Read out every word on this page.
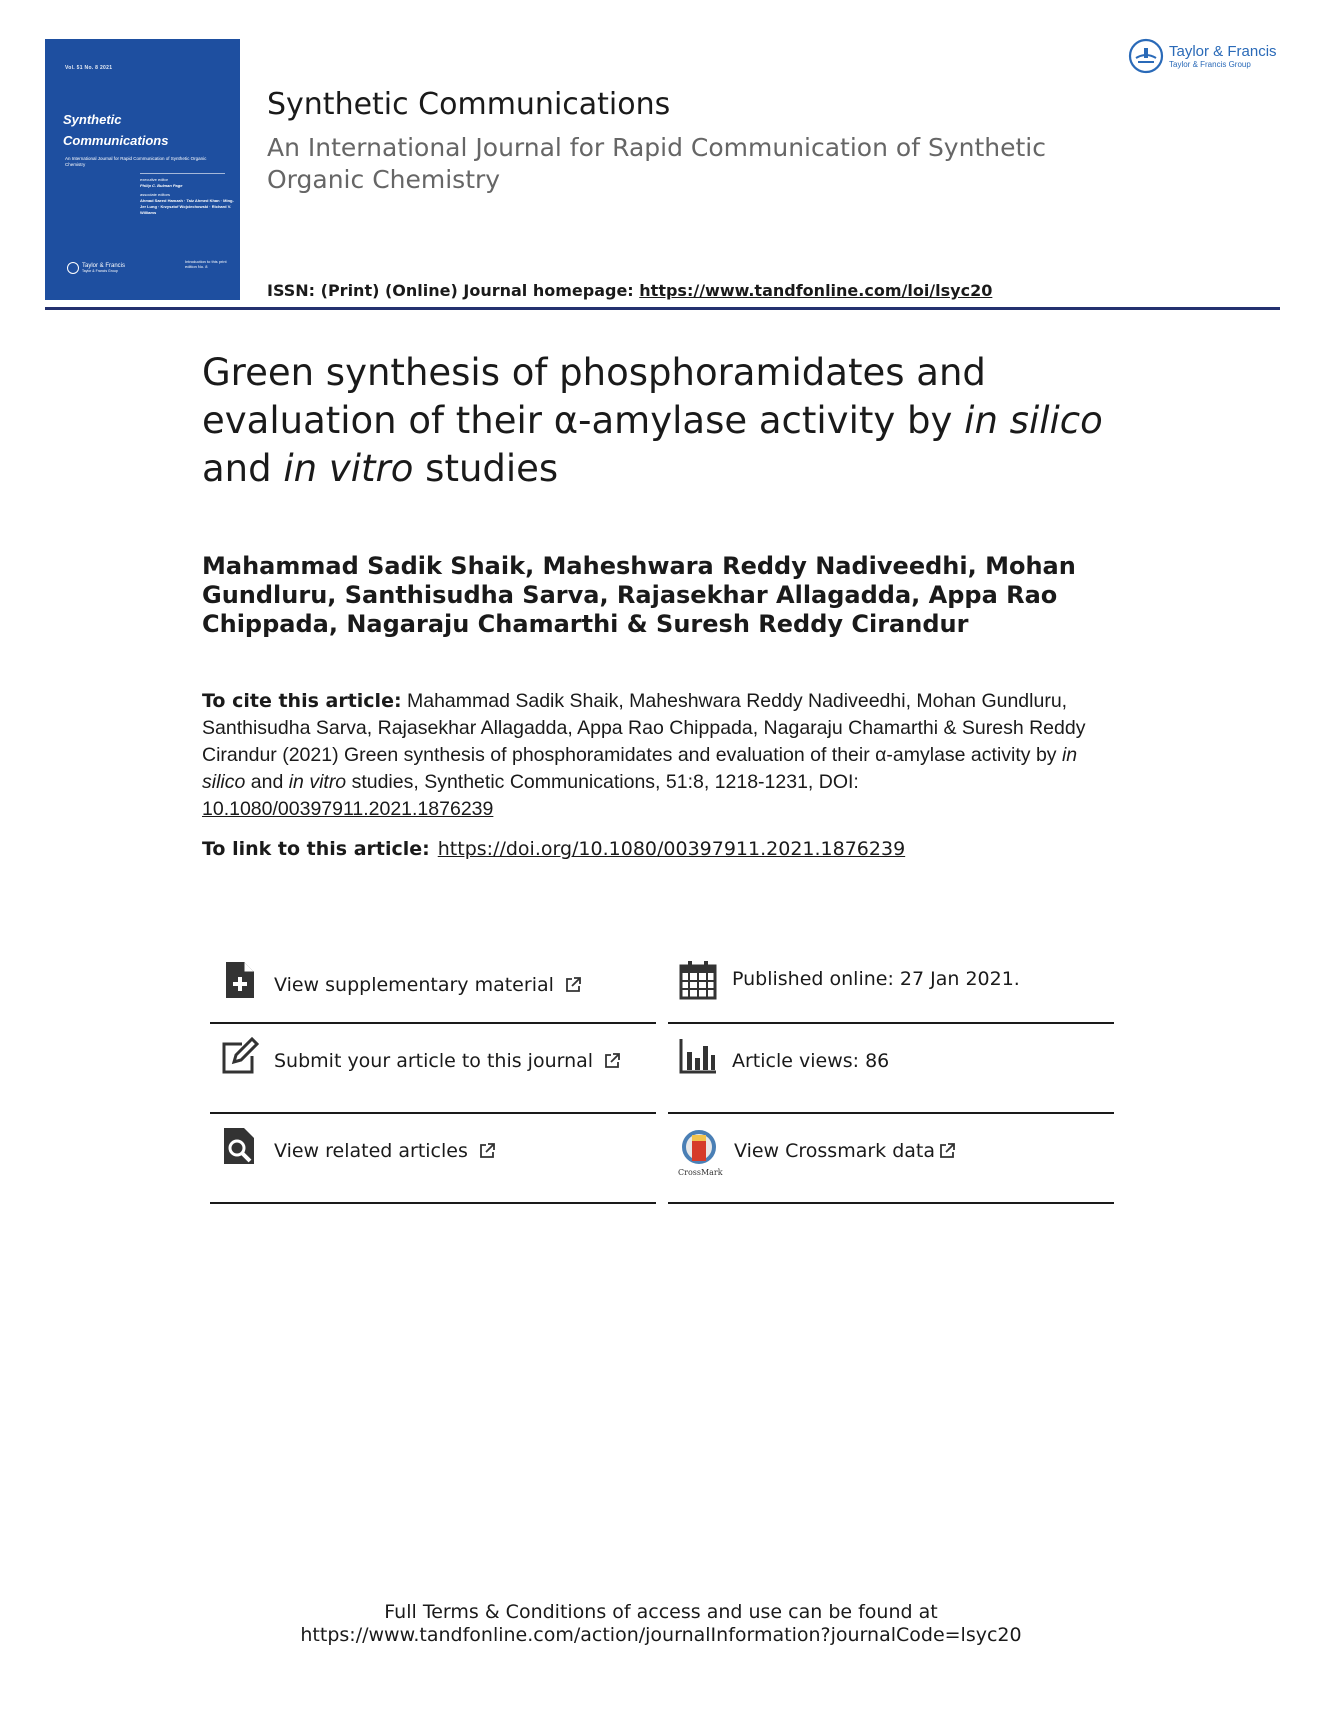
Vol. 51 No. 8 2021
Synthetic
Communications
An International Journal for Rapid Communication of Synthetic Organic Chemistry
executive editor
Philip C. Bulman Page
associate editors
Ahmad Saeed Hamzah · Taiz Ahmed Khan · Ming-Jer Lung · Krzysztof Wojciechowski · Richard V. Williams
Taylor & Francis
Taylor & Francis Group
Introduction to this print edition No. 8
Taylor & Francis
Taylor & Francis Group
Synthetic Communications
An International Journal for Rapid Communication of Synthetic Organic Chemistry
ISSN: (Print) (Online) Journal homepage: https://www.tandfonline.com/loi/lsyc20
Green synthesis of phosphoramidates and evaluation of their α-amylase activity by in silico and in vitro studies
Mahammad Sadik Shaik, Maheshwara Reddy Nadiveedhi, Mohan Gundluru, Santhisudha Sarva, Rajasekhar Allagadda, Appa Rao Chippada, Nagaraju Chamarthi & Suresh Reddy Cirandur
To cite this article: Mahammad Sadik Shaik, Maheshwara Reddy Nadiveedhi, Mohan Gundluru, Santhisudha Sarva, Rajasekhar Allagadda, Appa Rao Chippada, Nagaraju Chamarthi & Suresh Reddy Cirandur (2021) Green synthesis of phosphoramidates and evaluation of their α-amylase activity by in silico and in vitro studies, Synthetic Communications, 51:8, 1218-1231, DOI: 10.1080/00397911.2021.1876239
To link to this article: https://doi.org/10.1080/00397911.2021.1876239
View supplementary material	Published online: 27 Jan 2021.
Submit your article to this journal	Article views: 86
View related articles
CrossMark
View Crossmark data
Full Terms & Conditions of access and use can be found at
https://www.tandfonline.com/action/journalInformation?journalCode=lsyc20
